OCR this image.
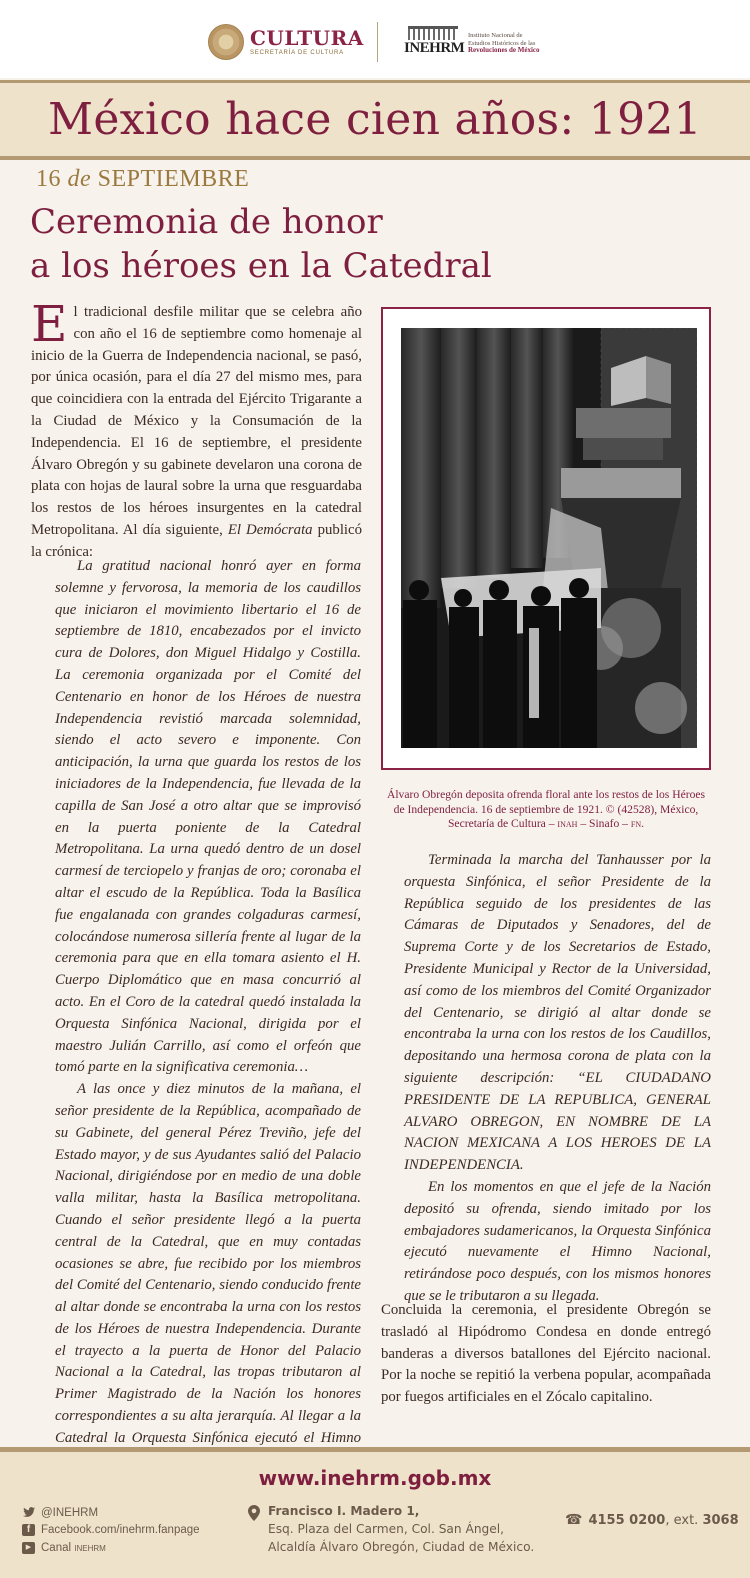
CULTURA
SECRETARÍA DE CULTURA	INEHRM
Instituto Nacional de
Estudios Históricos de las
Revoluciones de México
México hace cien años: 1921
16 de SEPTIEMBRE
Ceremonia de honor
a los héroes en la Catedral

El tradicional desfile militar que se celebra año con año el 16 de septiembre como homenaje al inicio de la Guerra de Independencia nacional, se pasó, por única ocasión, para el día 27 del mismo mes, para que coincidiera con la entrada del Ejército Trigarante a la Ciudad de México y la Consumación de la Independencia. El 16 de septiembre, el presidente Álvaro Obregón y su gabinete develaron una corona de plata con hojas de laural sobre la urna que resguardaba los restos de los héroes insurgentes en la catedral Metropolitana. Al día siguiente, El Demócrata publicó la crónica:

La gratitud nacional honró ayer en forma solemne y fervorosa, la memoria de los caudillos que iniciaron el movimiento libertario el 16 de septiembre de 1810, encabezados por el invicto cura de Dolores, don Miguel Hidalgo y Costilla. La ceremonia organizada por el Comité del Centenario en honor de los Héroes de nuestra Independencia revistió marcada solemnidad, siendo el acto severo e imponente. Con anticipación, la urna que guarda los restos de los iniciadores de la Independencia, fue llevada de la capilla de San José a otro altar que se improvisó en la puerta poniente de la Catedral Metropolitana. La urna quedó dentro de un dosel carmesí de terciopelo y franjas de oro; coronaba el altar el escudo de la República. Toda la Basílica fue engalanada con grandes colgaduras carmesí, colocándose numerosa sillería frente al lugar de la ceremonia para que en ella tomara asiento el H. Cuerpo Diplomático que en masa concurrió al acto. En el Coro de la catedral quedó instalada la Orquesta Sinfónica Nacional, dirigida por el maestro Julián Carrillo, así como el orfeón que tomó parte en la significativa ceremonia…

A las once y diez minutos de la mañana, el señor presidente de la República, acompañado de su Gabinete, del general Pérez Treviño, jefe del Estado mayor, y de sus Ayudantes salió del Palacio Nacional, dirigiéndose por en medio de una doble valla militar, hasta la Basílica metropolitana. Cuando el señor presidente llegó a la puerta central de la Catedral, que en muy contadas ocasiones se abre, fue recibido por los miembros del Comité del Centenario, siendo conducido frente al altar donde se encontraba la urna con los restos de los Héroes de nuestra Independencia. Durante el trayecto a la puerta de Honor del Palacio Nacional a la Catedral, las tropas tributaron al Primer Magistrado de la Nación los honores correspondientes a su alta jerarquía. Al llegar a la Catedral la Orquesta Sinfónica ejecutó el Himno

Álvaro Obregón deposita ofrenda floral ante los restos de los Héroes de Independencia. 16 de septiembre de 1921. © (42528), México, Secretaría de Cultura – inah – Sinafo – fn.

Terminada la marcha del Tanhausser por la orquesta Sinfónica, el señor Presidente de la República seguido de los presidentes de las Cámaras de Diputados y Senadores, del de Suprema Corte y de los Secretarios de Estado, Presidente Municipal y Rector de la Universidad, así como de los miembros del Comité Organizador del Centenario, se dirigió al altar donde se encontraba la urna con los restos de los Caudillos, depositando una hermosa corona de plata con la siguiente descripción: “EL CIUDADANO PRESIDENTE DE LA REPUBLICA, GENERAL ALVARO OBREGON, EN NOMBRE DE LA NACION MEXICANA A LOS HEROES DE LA INDEPENDENCIA.

En los momentos en que el jefe de la Nación depositó su ofrenda, siendo imitado por los embajadores sudamericanos, la Orquesta Sinfónica ejecutó nuevamente el Himno Nacional, retirándose poco después, con los mismos honores que se le tributaron a su llegada.

Concluida la ceremonia, el presidente Obregón se trasladó al Hipódromo Condesa en donde entregó banderas a diversos batallones del Ejército nacional. Por la noche se repitió la verbena popular, acompañada por fuegos artificiales en el Zócalo capitalino.

www.inehrm.gob.mx
@INEHRM
f Facebook.com/inehrm.fanpage
▶ Canal
inehrm
Francisco I. Madero 1,
Esq. Plaza del Carmen, Col. San Ángel,
Alcaldía Álvaro Obregón, Ciudad de México.
☎ 4155 0200, ext. 3068
